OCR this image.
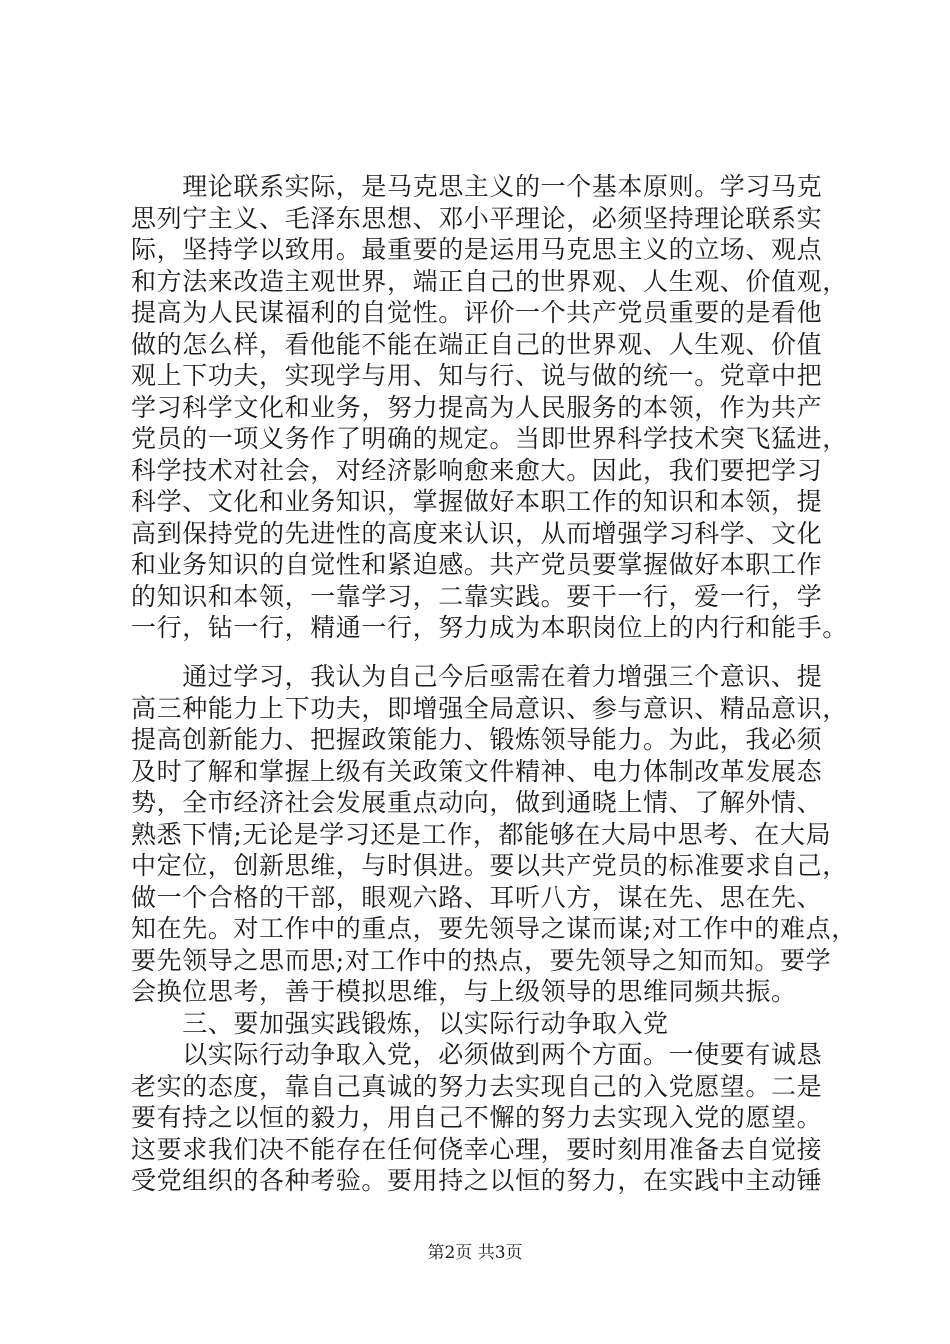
　　理论联系实际，是马克思主义的一个基本原则。学习马克
思列宁主义、毛泽东思想、邓小平理论，必须坚持理论联系实
际，坚持学以致用。最重要的是运用马克思主义的立场、观点
和方法来改造主观世界，端正自己的世界观、人生观、价值观，
提高为人民谋福利的自觉性。评价一个共产党员重要的是看他
做的怎么样，看他能不能在端正自己的世界观、人生观、价值
观上下功夫，实现学与用、知与行、说与做的统一。党章中把
学习科学文化和业务，努力提高为人民服务的本领，作为共产
党员的一项义务作了明确的规定。当即世界科学技术突飞猛进，
科学技术对社会，对经济影响愈来愈大。因此，我们要把学习
科学、文化和业务知识，掌握做好本职工作的知识和本领，提
高到保持党的先进性的高度来认识，从而增强学习科学、文化
和业务知识的自觉性和紧迫感。共产党员要掌握做好本职工作
的知识和本领，一靠学习，二靠实践。要干一行，爱一行，学
一行，钻一行，精通一行，努力成为本职岗位上的内行和能手。
　　通过学习，我认为自己今后亟需在着力增强三个意识、提
高三种能力上下功夫，即增强全局意识、参与意识、精品意识，
提高创新能力、把握政策能力、锻炼领导能力。为此，我必须
及时了解和掌握上级有关政策文件精神、电力体制改革发展态
势，全市经济社会发展重点动向，做到通晓上情、了解外情、
熟悉下情;无论是学习还是工作，都能够在大局中思考、在大局
中定位，创新思维，与时俱进。要以共产党员的标准要求自己，
做一个合格的干部，眼观六路、耳听八方，谋在先、思在先、
知在先。对工作中的重点，要先领导之谋而谋;对工作中的难点，
要先领导之思而思;对工作中的热点，要先领导之知而知。要学
会换位思考，善于模拟思维，与上级领导的思维同频共振。
　　三、要加强实践锻炼，以实际行动争取入党
　　以实际行动争取入党，必须做到两个方面。一使要有诚恳
老实的态度，靠自己真诚的努力去实现自己的入党愿望。二是
要有持之以恒的毅力，用自己不懈的努力去实现入党的愿望。
这要求我们决不能存在任何侥幸心理，要时刻用准备去自觉接
受党组织的各种考验。要用持之以恒的努力，在实践中主动锤
第2页 共3页
